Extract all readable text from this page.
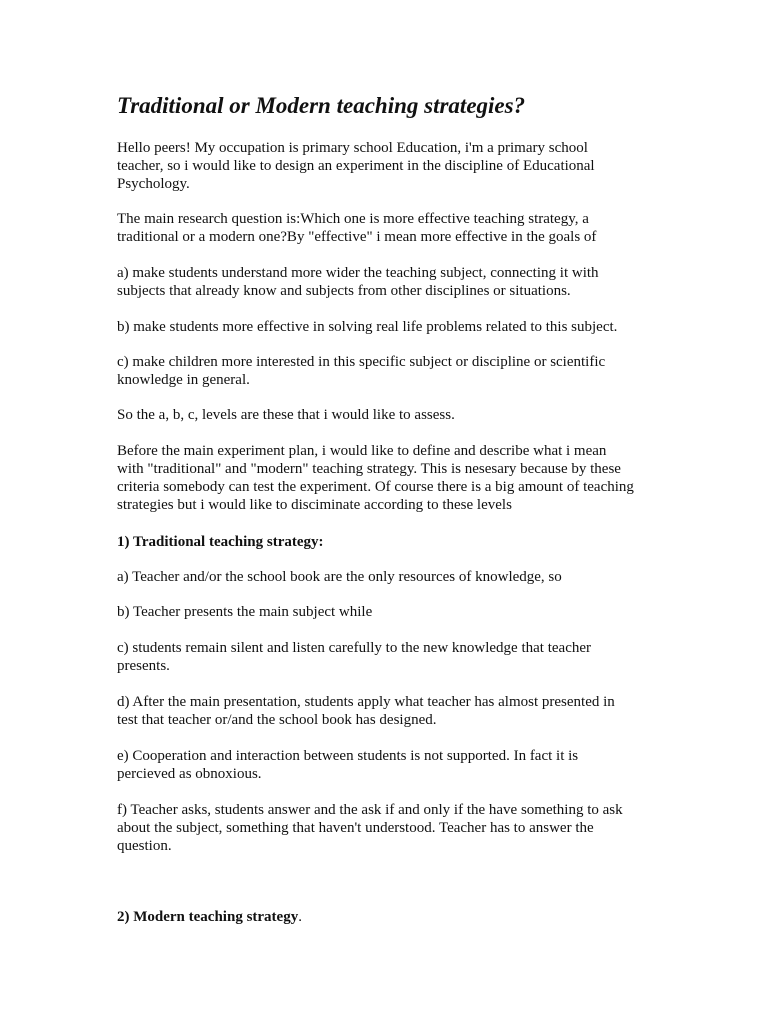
Traditional or Modern teaching strategies?

Hello peers! My occupation is primary school Education, i'm a primary school
teacher, so i would like to design an experiment in the discipline of Educational
Psychology.

The main research question is:Which one is more effective teaching strategy, a
traditional or a modern one?By "effective" i mean more effective in the goals of

a) make students understand more wider the teaching subject, connecting it with
subjects that already know and subjects from other disciplines or situations.

b) make students more effective in solving real life problems related to this subject.

c) make children more interested in this specific subject or discipline or scientific
knowledge in general.

So the a, b, c, levels are these that i would like to assess.

Before the main experiment plan, i would like to define and describe what i mean
with "traditional" and "modern" teaching strategy. This is nesesary because by these
criteria somebody can test the experiment. Of course there is a big amount of teaching
strategies but i would like to disciminate according to these levels

1) Traditional teaching strategy:

a) Teacher and/or the school book are the only resources of knowledge, so

b) Teacher presents the main subject while

c) students remain silent and listen carefully to the new knowledge that teacher
presents.

d) After the main presentation, students apply what teacher has almost presented in
test that teacher or/and the school book has designed.

e) Cooperation and interaction between students is not supported. In fact it is
percieved as obnoxious.

f) Teacher asks, students answer and the ask if and only if the have something to ask
about the subject, something that haven't understood. Teacher has to answer the
question.

2) Modern teaching strategy.
